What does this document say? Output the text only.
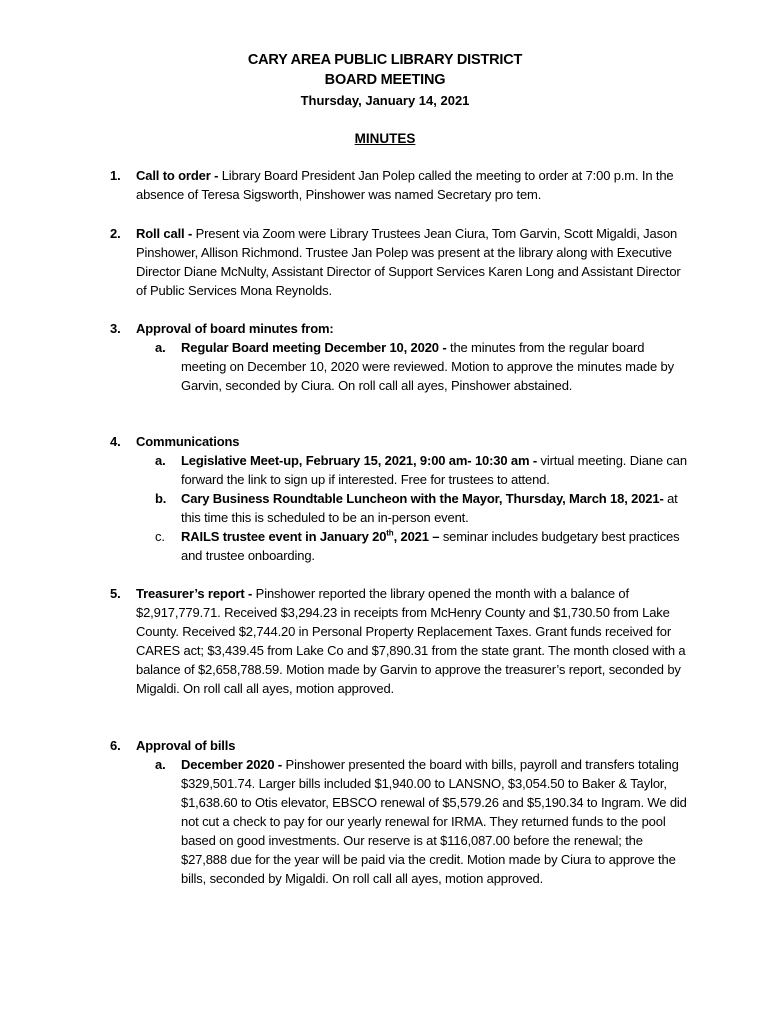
CARY AREA PUBLIC LIBRARY DISTRICT
BOARD MEETING
Thursday, January 14, 2021
MINUTES
1. Call to order - Library Board President Jan Polep called the meeting to order at 7:00 p.m. In the absence of Teresa Sigsworth, Pinshower was named Secretary pro tem.
2. Roll call - Present via Zoom were Library Trustees Jean Ciura, Tom Garvin, Scott Migaldi, Jason Pinshower, Allison Richmond. Trustee Jan Polep was present at the library along with Executive Director Diane McNulty, Assistant Director of Support Services Karen Long and Assistant Director of Public Services Mona Reynolds.
3. Approval of board minutes from:
a. Regular Board meeting December 10, 2020 - the minutes from the regular board meeting on December 10, 2020 were reviewed. Motion to approve the minutes made by Garvin, seconded by Ciura. On roll call all ayes, Pinshower abstained.
4. Communications
a. Legislative Meet-up, February 15, 2021, 9:00 am- 10:30 am - virtual meeting. Diane can forward the link to sign up if interested. Free for trustees to attend.
b. Cary Business Roundtable Luncheon with the Mayor, Thursday, March 18, 2021- at this time this is scheduled to be an in-person event.
c. RAILS trustee event in January 20th, 2021 – seminar includes budgetary best practices and trustee onboarding.
5. Treasurer’s report - Pinshower reported the library opened the month with a balance of $2,917,779.71. Received $3,294.23 in receipts from McHenry County and $1,730.50 from Lake County. Received $2,744.20 in Personal Property Replacement Taxes. Grant funds received for CARES act; $3,439.45 from Lake Co and $7,890.31 from the state grant. The month closed with a balance of $2,658,788.59. Motion made by Garvin to approve the treasurer’s report, seconded by Migaldi. On roll call all ayes, motion approved.
6. Approval of bills
a. December 2020 - Pinshower presented the board with bills, payroll and transfers totaling $329,501.74. Larger bills included $1,940.00 to LANSNO, $3,054.50 to Baker & Taylor, $1,638.60 to Otis elevator, EBSCO renewal of $5,579.26 and $5,190.34 to Ingram. We did not cut a check to pay for our yearly renewal for IRMA. They returned funds to the pool based on good investments. Our reserve is at $116,087.00 before the renewal; the $27,888 due for the year will be paid via the credit. Motion made by Ciura to approve the bills, seconded by Migaldi. On roll call all ayes, motion approved.
